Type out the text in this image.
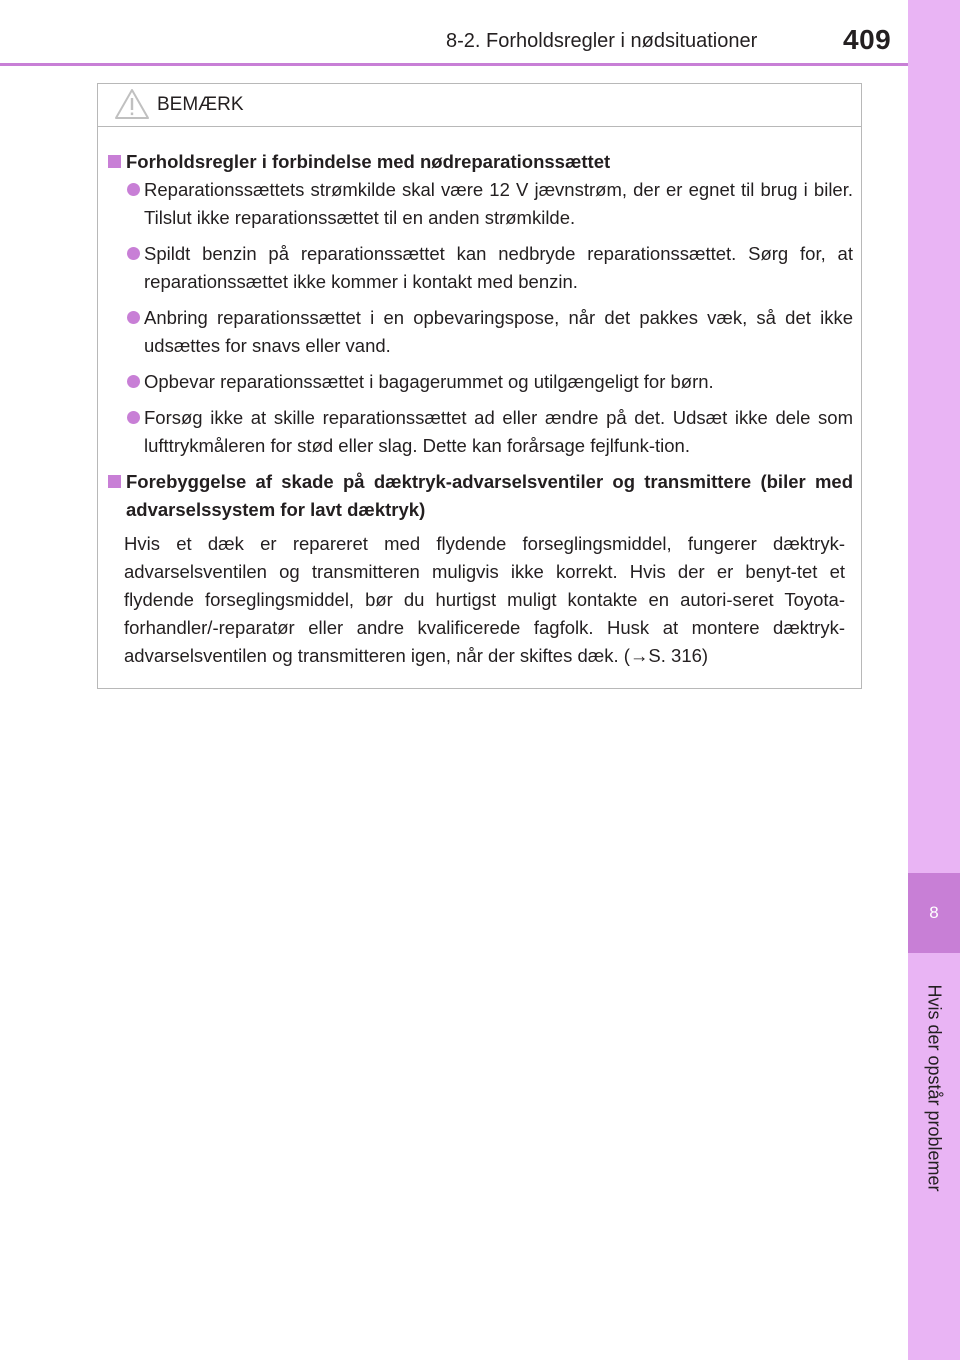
8-2. Forholdsregler i nødsituationer	409
8
Hvis der opstår problemer
BEMÆRK
Forholdsregler i forbindelse med nødreparationssættet
Reparationssættets strømkilde skal være 12 V jævnstrøm, der er egnet til brug i biler. Tilslut ikke reparationssættet til en anden strømkilde.
Spildt benzin på reparationssættet kan nedbryde reparationssættet. Sørg for, at reparationssættet ikke kommer i kontakt med benzin.
Anbring reparationssættet i en opbevaringspose, når det pakkes væk, så det ikke udsættes for snavs eller vand.
Opbevar reparationssættet i bagagerummet og utilgængeligt for børn.
Forsøg ikke at skille reparationssættet ad eller ændre på det. Udsæt ikke dele som lufttrykmåleren for stød eller slag. Dette kan forårsage fejlfunk-tion.
Forebyggelse af skade på dæktryk-advarselsventiler og transmittere (biler med advarselssystem for lavt dæktryk)
Hvis et dæk er repareret med flydende forseglingsmiddel, fungerer dæktryk-advarselsventilen og transmitteren muligvis ikke korrekt. Hvis der er benyt-tet et flydende forseglingsmiddel, bør du hurtigst muligt kontakte en autori-seret Toyota-forhandler/-reparatør eller andre kvalificerede fagfolk. Husk at montere dæktryk-advarselsventilen og transmitteren igen, når der skiftes dæk. (→S. 316)
